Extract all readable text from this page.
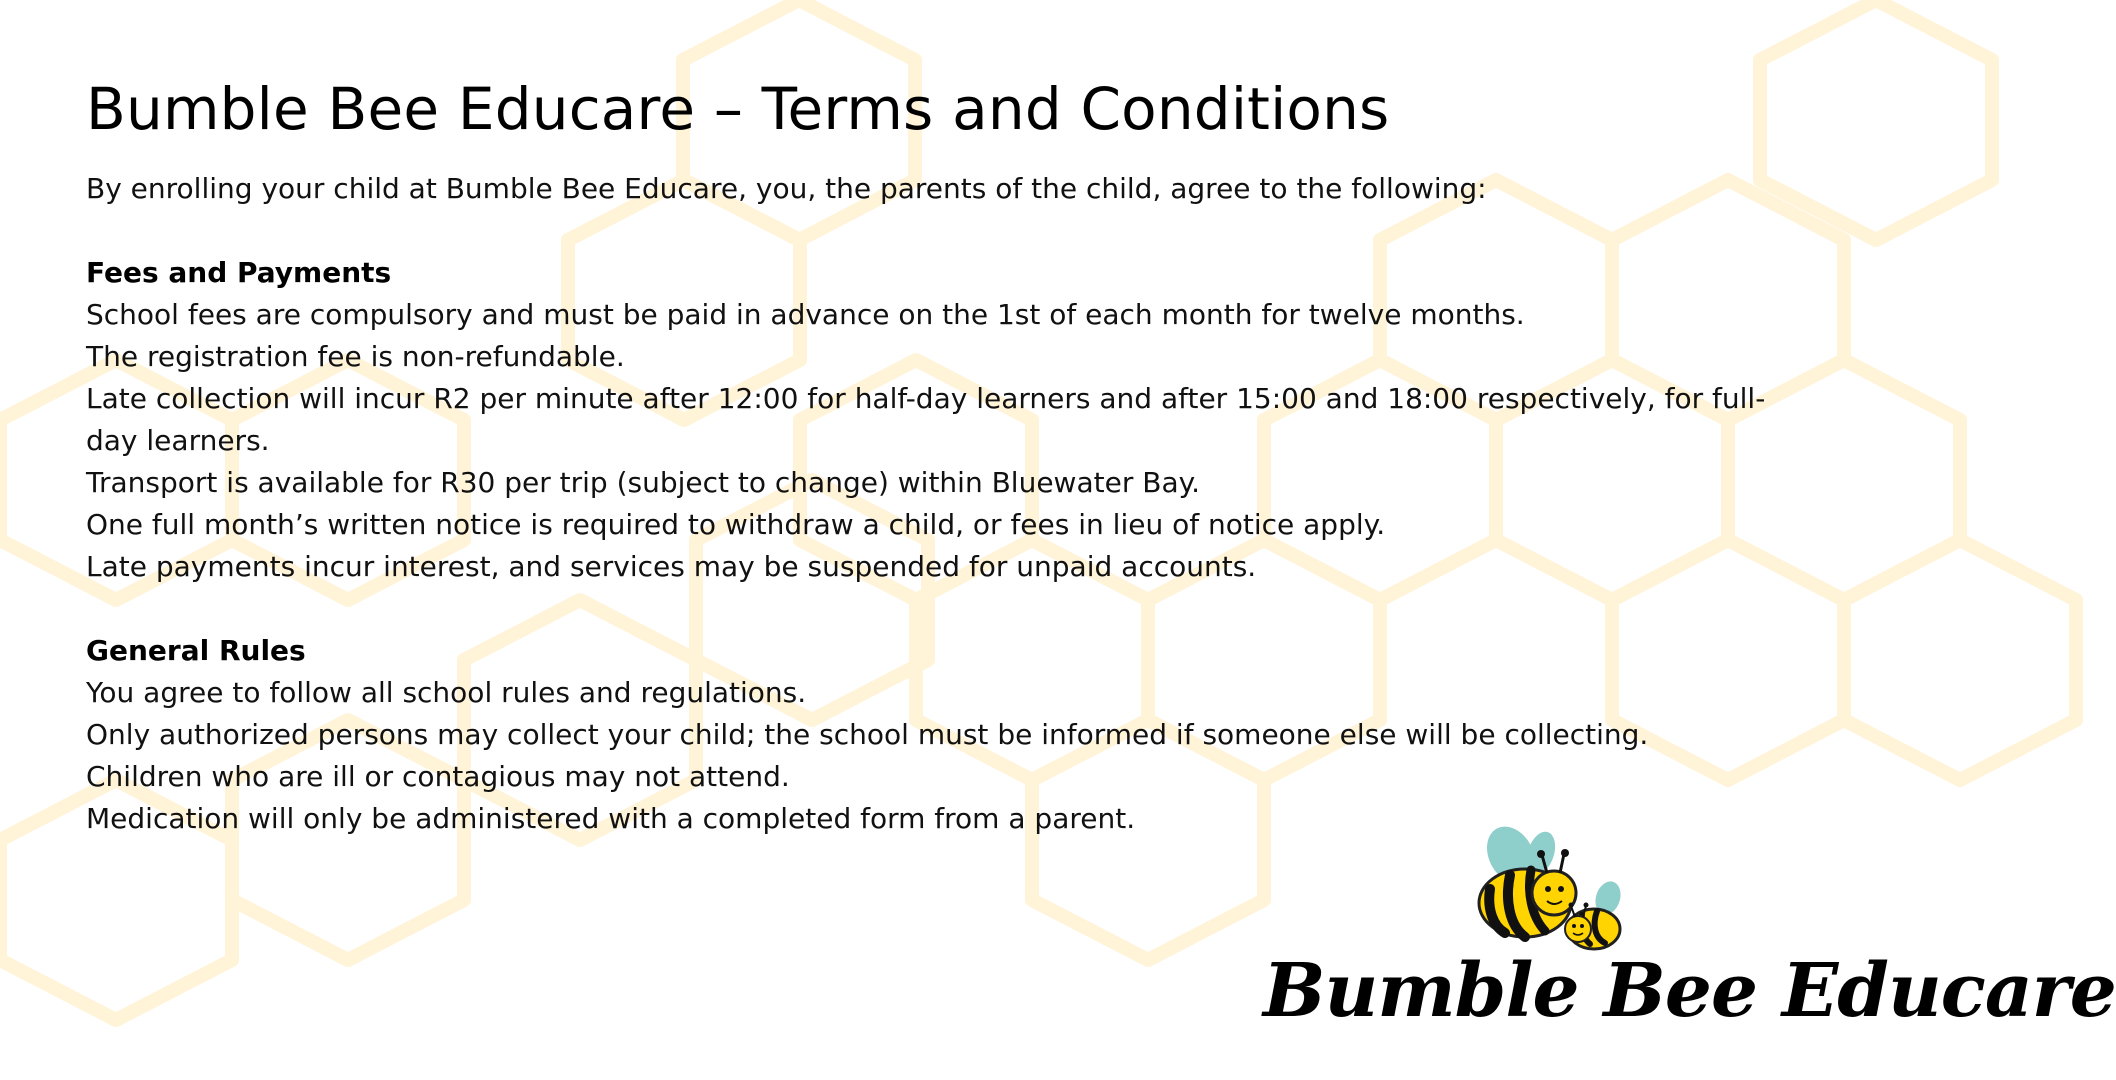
Bumble Bee Educare – Terms and Conditions

By enrolling your child at Bumble Bee Educare, you, the parents of the child, agree to the following:

Fees and Payments
School fees are compulsory and must be paid in advance on the 1st of each month for twelve months.
The registration fee is non-refundable.
Late collection will incur R2 per minute after 12:00 for half-day learners and after 15:00 and 18:00 respectively, for full-day learners.
Transport is available for R30 per trip (subject to change) within Bluewater Bay.
One full month’s written notice is required to withdraw a child, or fees in lieu of notice apply.
Late payments incur interest, and services may be suspended for unpaid accounts.
General Rules
You agree to follow all school rules and regulations.
Only authorized persons may collect your child; the school must be informed if someone else will be collecting.
Children who are ill or contagious may not attend.
Medication will only be administered with a completed form from a parent.
Bumble Bee Educare
